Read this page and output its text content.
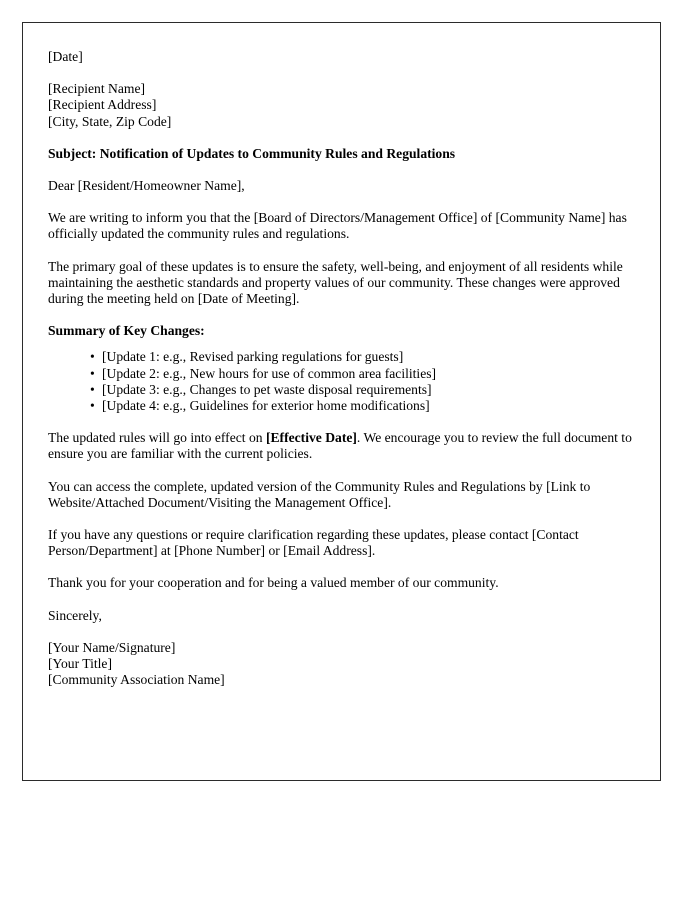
[Date]
[Recipient Name]
[Recipient Address]
[City, State, Zip Code]

Subject: Notification of Updates to Community Rules and Regulations

Dear [Resident/Homeowner Name],

We are writing to inform you that the [Board of Directors/Management Office] of [Community Name] has officially updated the community rules and regulations.

The primary goal of these updates is to ensure the safety, well-being, and enjoyment of all residents while maintaining the aesthetic standards and property values of our community. These changes were approved during the meeting held on [Date of Meeting].

Summary of Key Changes:

• [Update 1: e.g., Revised parking regulations for guests]
• [Update 2: e.g., New hours for use of common area facilities]
• [Update 3: e.g., Changes to pet waste disposal requirements]
• [Update 4: e.g., Guidelines for exterior home modifications]

The updated rules will go into effect on [Effective Date]. We encourage you to review the full document to ensure you are familiar with the current policies.

You can access the complete, updated version of the Community Rules and Regulations by [Link to Website/Attached Document/Visiting the Management Office].

If you have any questions or require clarification regarding these updates, please contact [Contact Person/Department] at [Phone Number] or [Email Address].

Thank you for your cooperation and for being a valued member of our community.

Sincerely,

[Your Name/Signature]
[Your Title]
[Community Association Name]
